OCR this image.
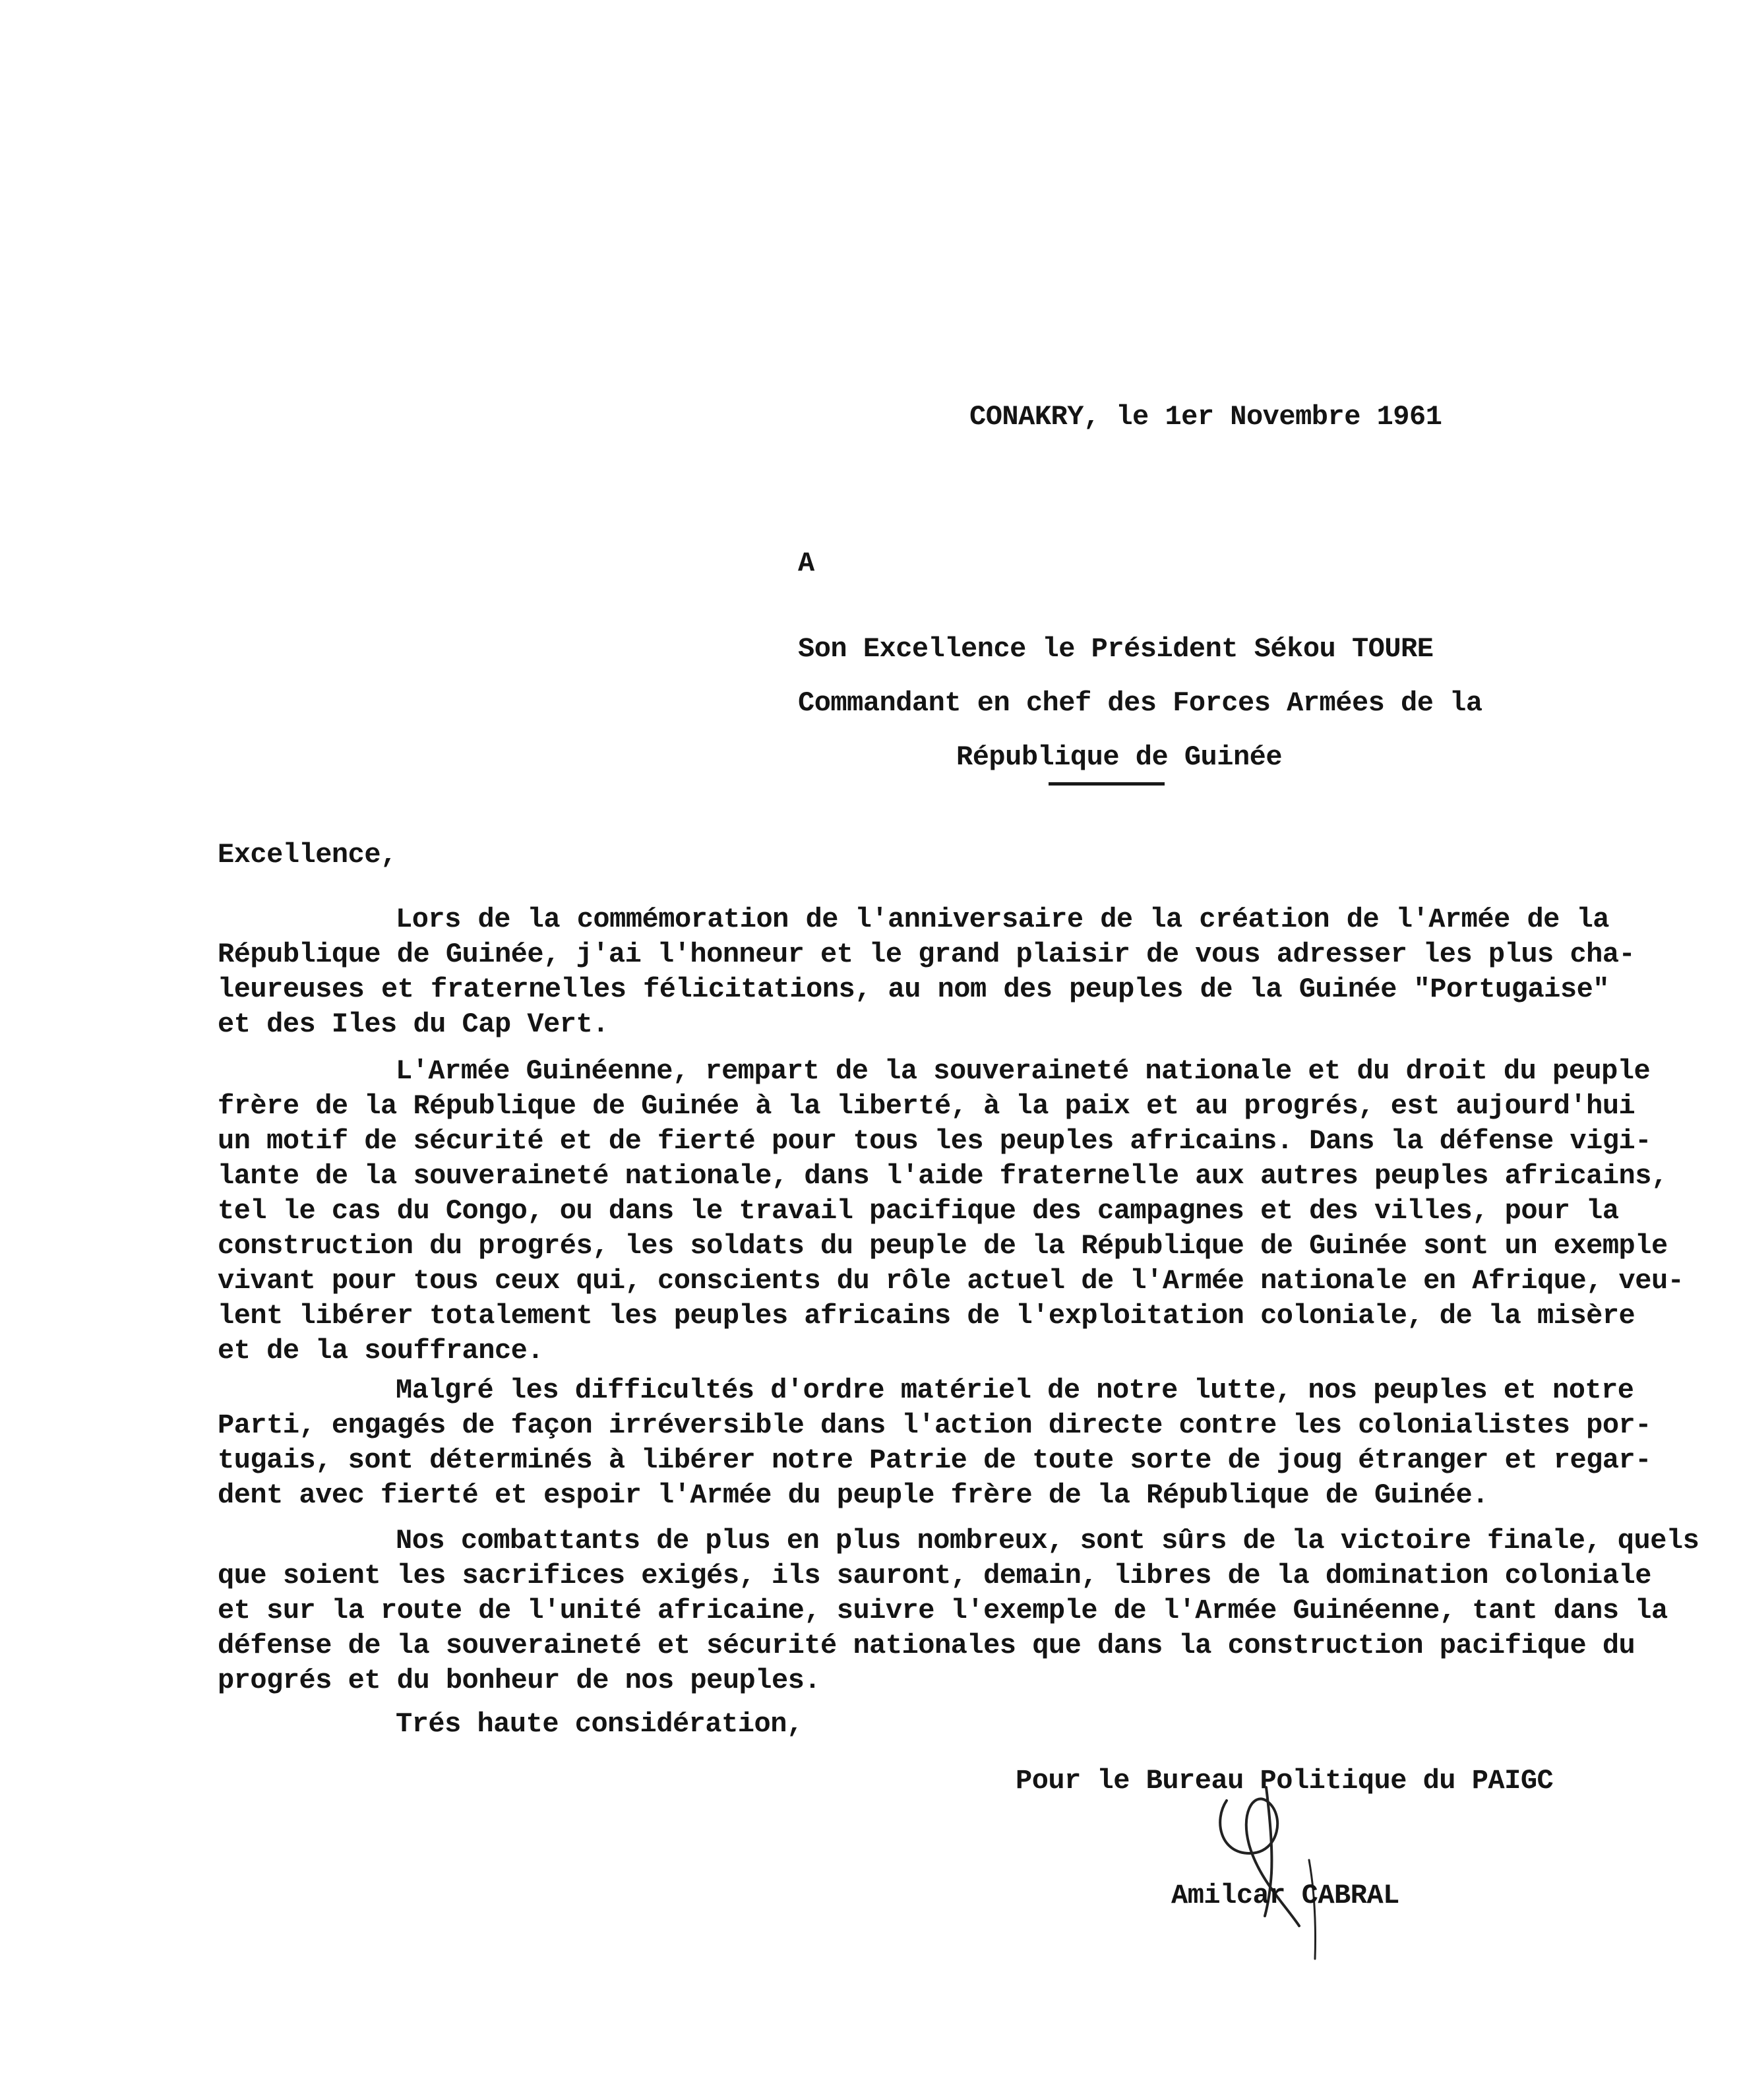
CONAKRY, le 1er Novembre 1961
A
Son Excellence le Président Sékou TOURE
Commandant en chef des Forces Armées de la
République de Guinée
Excellence,
Lors de la commémoration de l'anniversaire de la création de l'Armée de la
République de Guinée, j'ai l'honneur et le grand plaisir de vous adresser les plus cha-
leureuses et fraternelles félicitations, au nom des peuples de la Guinée "Portugaise"
et des Iles du Cap Vert.
L'Armée Guinéenne, rempart de la souveraineté nationale et du droit du peuple
frère de la République de Guinée à la liberté, à la paix et au progrés, est aujourd'hui
un motif de sécurité et de fierté pour tous les peuples africains. Dans la défense vigi-
lante de la souveraineté nationale, dans l'aide fraternelle aux autres peuples africains,
tel le cas du Congo, ou dans le travail pacifique des campagnes et des villes, pour la
construction du progrés, les soldats du peuple de la République de Guinée sont un exemple
vivant pour tous ceux qui, conscients du rôle actuel de l'Armée nationale en Afrique, veu-
lent libérer totalement les peuples africains de l'exploitation coloniale, de la misère
et de la souffrance.
Malgré les difficultés d'ordre matériel de notre lutte, nos peuples et notre
Parti, engagés de façon irréversible dans l'action directe contre les colonialistes por-
tugais, sont déterminés à libérer notre Patrie de toute sorte de joug étranger et regar-
dent avec fierté et espoir l'Armée du peuple frère de la République de Guinée.
Nos combattants de plus en plus nombreux, sont sûrs de la victoire finale, quels
que soient les sacrifices exigés, ils sauront, demain, libres de la domination coloniale
et sur la route de l'unité africaine, suivre l'exemple de l'Armée Guinéenne, tant dans la
défense de la souveraineté et sécurité nationales que dans la construction pacifique du
progrés et du bonheur de nos peuples.
Trés haute considération,
Pour le Bureau Politique du PAIGC
Amilcar CABRAL
